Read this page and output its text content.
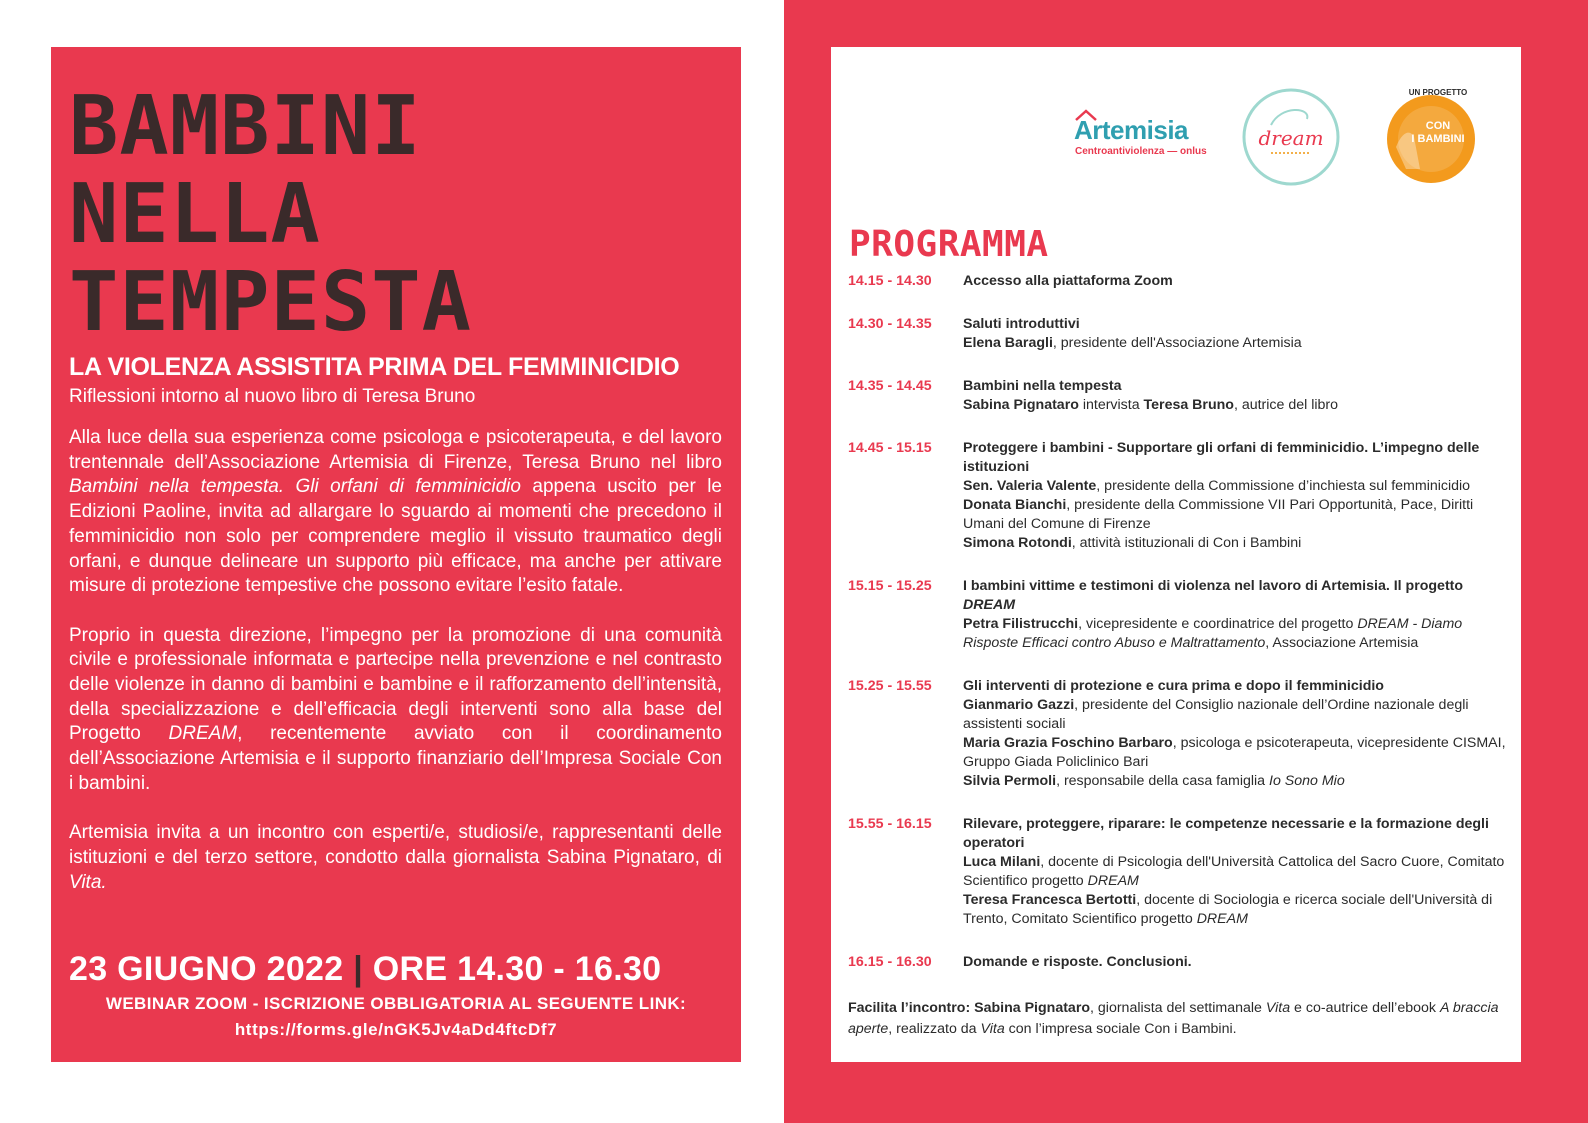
BAMBINI
NELLA
TEMPESTA
LA VIOLENZA ASSISTITA PRIMA DEL FEMMINICIDIO
Riflessioni intorno al nuovo libro di Teresa Bruno

Alla luce della sua esperienza come psicologa e psicoterapeuta, e del lavoro trentennale dell’Associazione Artemisia di Firenze, Teresa Bruno nel libro Bambini nella tempesta. Gli orfani di femminicidio appena uscito per le Edizioni Paoline, invita ad allargare lo sguardo ai momenti che precedono il femminicidio non solo per comprendere meglio il vissuto traumatico degli orfani, e dunque delineare un supporto più efficace, ma anche per attivare misure di protezione tempestive che possono evitare l’esito fatale.

Proprio in questa direzione, l’impegno per la promozione di una comunità civile e professionale informata e partecipe nella prevenzione e nel contrasto delle violenze in danno di bambini e bambine e il rafforzamento dell’intensità, della specializzazione e dell’efficacia degli interventi sono alla base del Progetto DREAM, recentemente avviato con il coordinamento dell’Associazione Artemisia e il supporto finanziario dell’Impresa Sociale Con i bambini.

Artemisia invita a un incontro con esperti/e, studiosi/e, rappresentanti delle istituzioni e del terzo settore, condotto dalla giornalista Sabina Pignataro, di Vita.

23 GIUGNO 2022 | ORE 14.30 - 16.30
WEBINAR ZOOM - ISCRIZIONE OBBLIGATORIA AL SEGUENTE LINK:
https://forms.gle/nGK5Jv4aDd4ftcDf7
Artemisia
Centroantiviolenza — onlus
dream
UN PROGETTO
CON
I BAMBINI
PROGRAMMA
14.15 - 14.30 Accesso alla piattaforma Zoom
14.30 - 14.35 Saluti introduttivi
Elena Baragli, presidente dell'Associazione Artemisia
14.35 - 14.45 Bambini nella tempesta
Sabina Pignataro intervista Teresa Bruno, autrice del libro
14.45 - 15.15 Proteggere i bambini - Supportare gli orfani di femminicidio. L’impegno delle istituzioni
Sen. Valeria Valente, presidente della Commissione d’inchiesta sul femminicidio
Donata Bianchi, presidente della Commissione VII Pari Opportunità, Pace, Diritti Umani del Comune di Firenze
Simona Rotondi, attività istituzionali di Con i Bambini
15.15 - 15.25 I bambini vittime e testimoni di violenza nel lavoro di Artemisia. Il progetto DREAM
Petra Filistrucchi, vicepresidente e coordinatrice del progetto DREAM - Diamo Risposte Efficaci contro Abuso e Maltrattamento, Associazione Artemisia
15.25 - 15.55 Gli interventi di protezione e cura prima e dopo il femminicidio
Gianmario Gazzi, presidente del Consiglio nazionale dell’Ordine nazionale degli assistenti sociali
Maria Grazia Foschino Barbaro, psicologa e psicoterapeuta, vicepresidente CISMAI, Gruppo Giada Policlinico Bari
Silvia Permoli, responsabile della casa famiglia Io Sono Mio
15.55 - 16.15 Rilevare, proteggere, riparare: le competenze necessarie e la formazione degli operatori
Luca Milani, docente di Psicologia dell'Università Cattolica del Sacro Cuore, Comitato Scientifico progetto DREAM
Teresa Francesca Bertotti, docente di Sociologia e ricerca sociale dell'Università di Trento, Comitato Scientifico progetto DREAM
16.15 - 16.30 Domande e risposte. Conclusioni.
Facilita l’incontro: Sabina Pignataro, giornalista del settimanale Vita e co-autrice dell’ebook A braccia aperte, realizzato da Vita con l’impresa sociale Con i Bambini.
